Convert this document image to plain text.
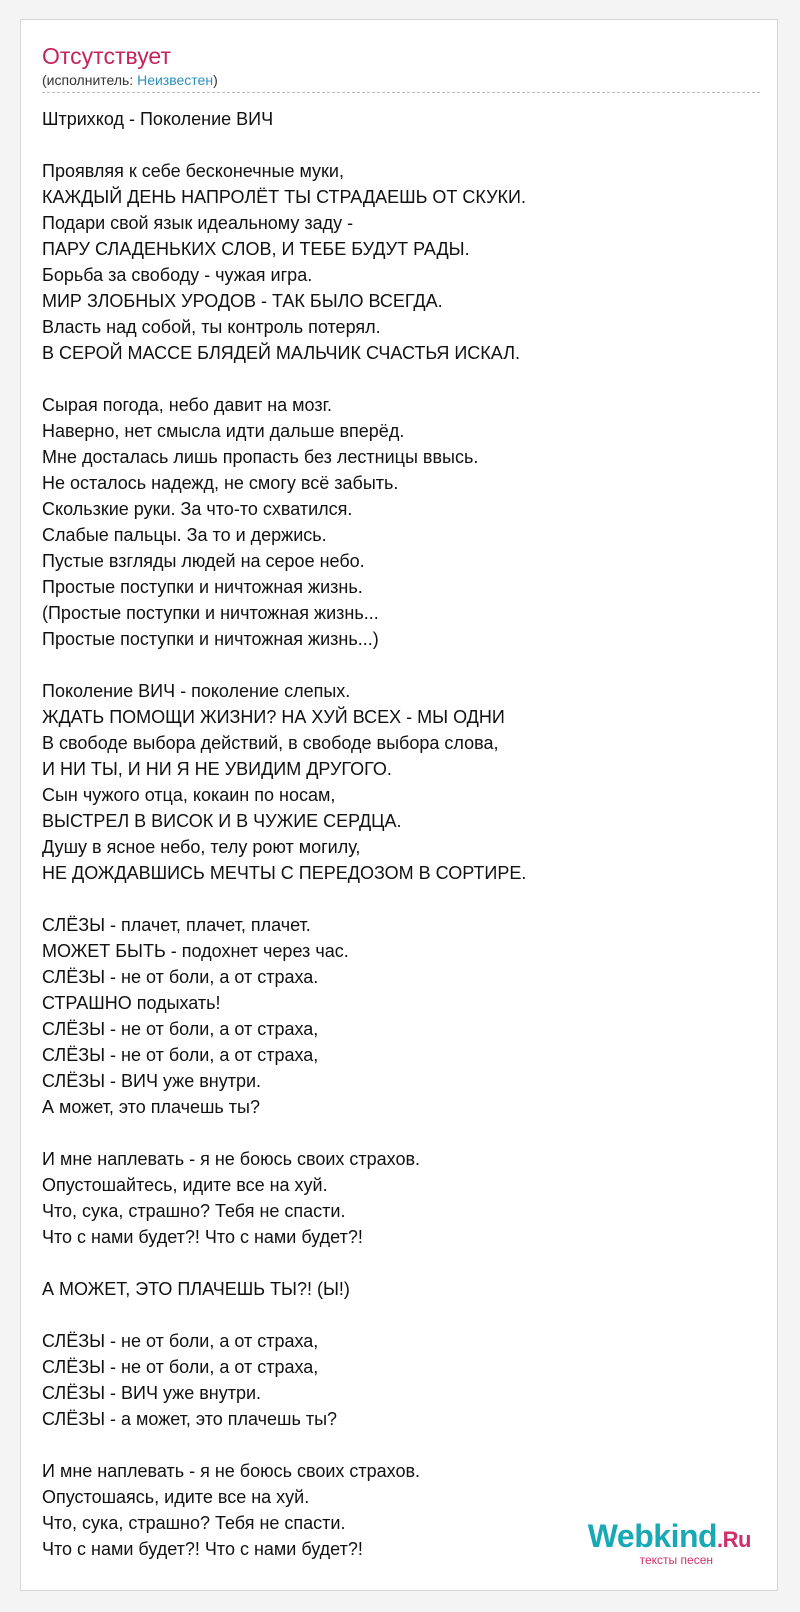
Отсутствует
(исполнитель: Неизвестен)
Штрихкод - Поколение ВИЧ
Проявляя к себе бесконечные муки,
КАЖДЫЙ ДЕНЬ НАПРОЛЁТ ТЫ СТРАДАЕШЬ ОТ СКУКИ.
Подари свой язык идеальному заду -
ПАРУ СЛАДЕНЬКИХ СЛОВ, И ТЕБЕ БУДУТ РАДЫ.
Борьба за свободу - чужая игра.
МИР ЗЛОБНЫХ УРОДОВ - ТАК БЫЛО ВСЕГДА.
Власть над собой, ты контроль потерял.
В СЕРОЙ МАССЕ БЛЯДЕЙ МАЛЬЧИК СЧАСТЬЯ ИСКАЛ.
Сырая погода, небо давит на мозг.
Наверно, нет смысла идти дальше вперёд.
Мне досталась лишь пропасть без лестницы ввысь.
Не осталось надежд, не смогу всё забыть.
Скользкие руки. За что-то схватился.
Слабые пальцы. За то и держись.
Пустые взгляды людей на серое небо.
Простые поступки и ничтожная жизнь.
(Простые поступки и ничтожная жизнь...
Простые поступки и ничтожная жизнь...)
Поколение ВИЧ - поколение слепых.
ЖДАТЬ ПОМОЩИ ЖИЗНИ? НА ХУЙ ВСЕХ - МЫ ОДНИ
В свободе выбора действий, в свободе выбора слова,
И НИ ТЫ, И НИ Я НЕ УВИДИМ ДРУГОГО.
Сын чужого отца, кокаин по носам,
ВЫСТРЕЛ В ВИСОК И В ЧУЖИЕ СЕРДЦА.
Душу в ясное небо, телу роют могилу,
НЕ ДОЖДАВШИСЬ МЕЧТЫ С ПЕРЕДОЗОМ В СОРТИРЕ.
СЛЁЗЫ - плачет, плачет, плачет.
МОЖЕТ БЫТЬ - подохнет через час.
СЛЁЗЫ - не от боли, а от страха.
СТРАШНО подыхать!
СЛЁЗЫ - не от боли, а от страха,
СЛЁЗЫ - не от боли, а от страха,
СЛЁЗЫ - ВИЧ уже внутри.
А может, это плачешь ты?
И мне наплевать - я не боюсь своих страхов.
Опустошайтесь, идите все на хуй.
Что, сука, страшно? Тебя не спасти.
Что с нами будет?! Что с нами будет?!
А МОЖЕТ, ЭТО ПЛАЧЕШЬ ТЫ?! (Ы!)
СЛЁЗЫ - не от боли, а от страха,
СЛЁЗЫ - не от боли, а от страха,
СЛЁЗЫ - ВИЧ уже внутри.
СЛЁЗЫ - а может, это плачешь ты?
И мне наплевать - я не боюсь своих страхов.
Опустошаясь, идите все на хуй.
Что, сука, страшно? Тебя не спасти.
Что с нами будет?! Что с нами будет?!	Webkind.Ru
тексты песен
